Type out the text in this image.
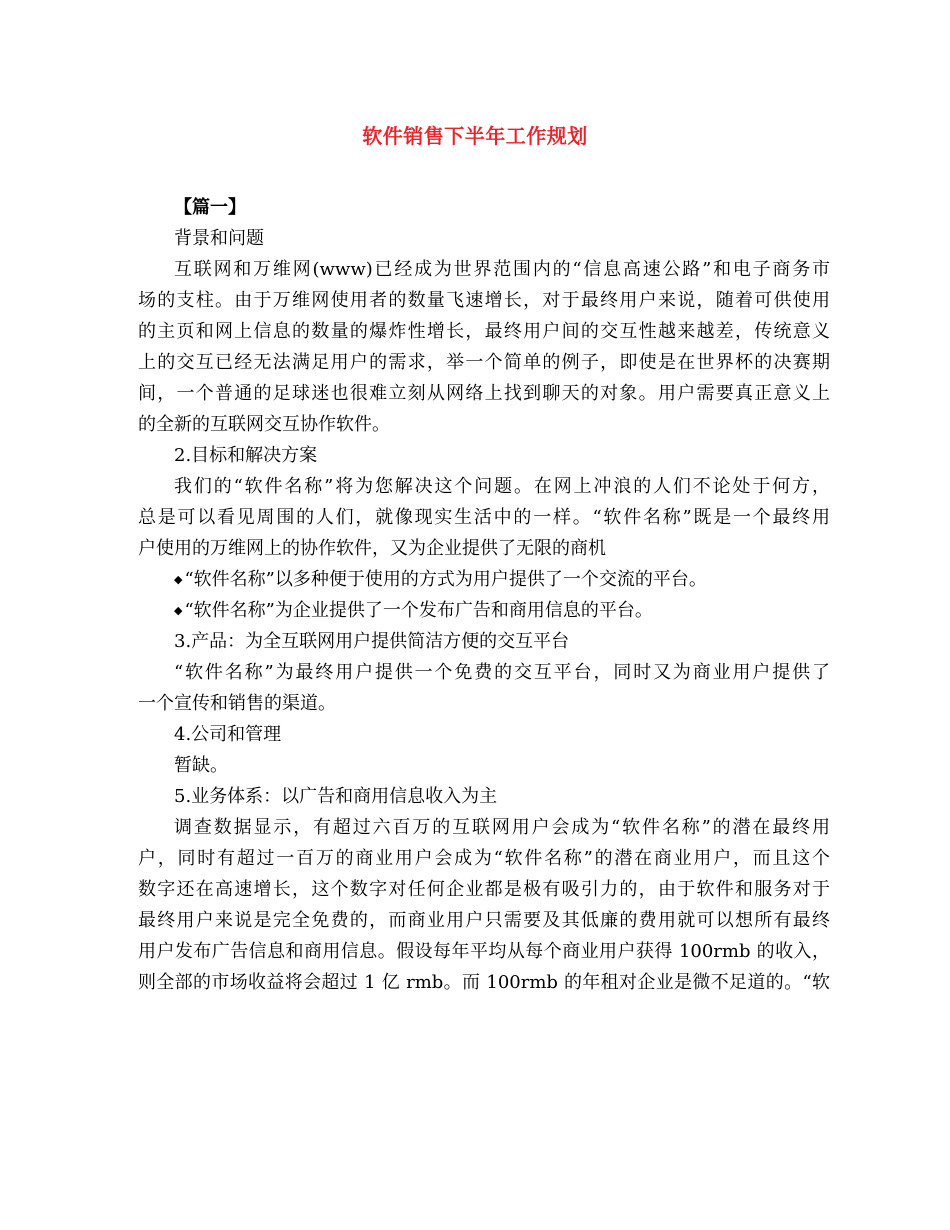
软件销售下半年工作规划
【篇一】
背景和问题
互联网和万维网(www)已经成为世界范围内的“信息高速公路”和电子商务市
场的支柱。由于万维网使用者的数量飞速增长，对于最终用户来说，随着可供使用
的主页和网上信息的数量的爆炸性增长，最终用户间的交互性越来越差，传统意义
上的交互已经无法满足用户的需求，举一个简单的例子，即使是在世界杯的决赛期
间，一个普通的足球迷也很难立刻从网络上找到聊天的对象。用户需要真正意义上
的全新的互联网交互协作软件。
2.目标和解决方案
我们的“软件名称”将为您解决这个问题。在网上冲浪的人们不论处于何方，
总是可以看见周围的人们，就像现实生活中的一样。“软件名称”既是一个最终用
户使用的万维网上的协作软件，又为企业提供了无限的商机
◆ “软件名称”以多种便于使用的方式为用户提供了一个交流的平台。
◆ “软件名称”为企业提供了一个发布广告和商用信息的平台。
3.产品：为全互联网用户提供简洁方便的交互平台
“软件名称”为最终用户提供一个免费的交互平台，同时又为商业用户提供了
一个宣传和销售的渠道。
4.公司和管理
暂缺。
5.业务体系：以广告和商用信息收入为主
调查数据显示，有超过六百万的互联网用户会成为“软件名称”的潜在最终用
户，同时有超过一百万的商业用户会成为“软件名称”的潜在商业用户，而且这个
数字还在高速增长，这个数字对任何企业都是极有吸引力的，由于软件和服务对于
最终用户来说是完全免费的，而商业用户只需要及其低廉的费用就可以想所有最终
用户发布广告信息和商用信息。假设每年平均从每个商业用户获得 100rmb 的收入，
则全部的市场收益将会超过 1 亿 rmb。而 100rmb 的年租对企业是微不足道的。“软
